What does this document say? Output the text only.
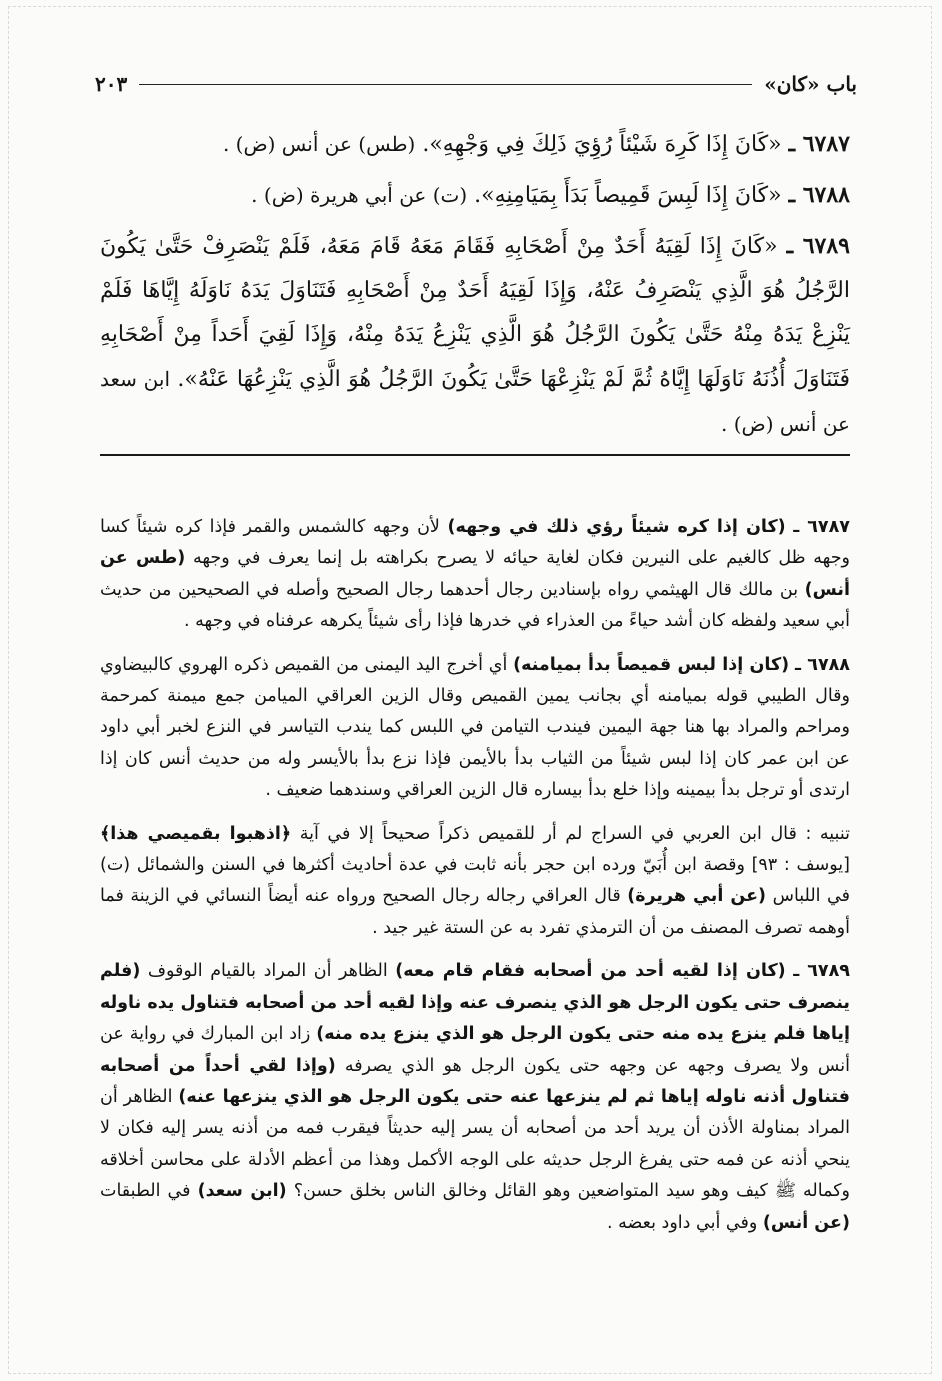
باب «كان»
٢٠٣

٦٧٨٧ ـ «كَانَ إِذَا كَرِهَ شَيْئاً رُؤِيَ ذَلِكَ فِي وَجْهِهِ». (طس) عن أنس (ض) .

٦٧٨٨ ـ «كَانَ إِذَا لَبِسَ قَمِيصاً بَدَأَ بِمَيَامِنِهِ». (ت) عن أبي هريرة (ض) .

٦٧٨٩ ـ «كَانَ إِذَا لَقِيَهُ أَحَدٌ مِنْ أَصْحَابِهِ فَقَامَ مَعَهُ قَامَ مَعَهُ، فَلَمْ يَنْصَرِفْ حَتَّىٰ يَكُونَ الرَّجُلُ هُوَ الَّذِي يَنْصَرِفُ عَنْهُ، وَإِذَا لَقِيَهُ أَحَدٌ مِنْ أَصْحَابِهِ فَتَنَاوَلَ يَدَهُ نَاوَلَهُ إِيَّاهَا فَلَمْ يَنْزِعْ يَدَهُ مِنْهُ حَتَّىٰ يَكُونَ الرَّجُلُ هُوَ الَّذِي يَنْزِعُ يَدَهُ مِنْهُ، وَإِذَا لَقِيَ أَحَداً مِنْ أَصْحَابِهِ فَتَنَاوَلَ أُذُنَهُ نَاوَلَهَا إِيَّاهُ ثُمَّ لَمْ يَنْزِعْهَا حَتَّىٰ يَكُونَ الرَّجُلُ هُوَ الَّذِي يَنْزِعُهَا عَنْهُ». ابن سعد عن أنس (ض) .

٦٧٨٧ ـ (كان إذا كره شيئاً رؤي ذلك في وجهه) لأن وجهه كالشمس والقمر فإذا كره شيئاً كسا وجهه ظل كالغيم على النيرين فكان لغاية حيائه لا يصرح بكراهته بل إنما يعرف في وجهه (طس عن أنس) بن مالك قال الهيثمي رواه بإسنادين رجال أحدهما رجال الصحيح وأصله في الصحيحين من حديث أبي سعيد ولفظه كان أشد حياءً من العذراء في خدرها فإذا رأى شيئاً يكرهه عرفناه في وجهه .

٦٧٨٨ ـ (كان إذا لبس قميصاً بدأ بميامنه) أي أخرج اليد اليمنى من القميص ذكره الهروي كالبيضاوي وقال الطيبي قوله بميامنه أي بجانب يمين القميص وقال الزين العراقي الميامن جمع ميمنة كمرحمة ومراحم والمراد بها هنا جهة اليمين فيندب التيامن في اللبس كما يندب التياسر في النزع لخبر أبي داود عن ابن عمر كان إذا لبس شيئاً من الثياب بدأ بالأيمن فإذا نزع بدأ بالأيسر وله من حديث أنس كان إذا ارتدى أو ترجل بدأ بيمينه وإذا خلع بدأ بيساره قال الزين العراقي وسندهما ضعيف .

تنبيه : قال ابن العربي في السراج لم أر للقميص ذكراً صحيحاً إلا في آية ﴿اذهبوا بقميصي هذا﴾ [يوسف : ٩٣] وقصة ابن أُبَيّ ورده ابن حجر بأنه ثابت في عدة أحاديث أكثرها في السنن والشمائل (ت) في اللباس (عن أبي هريرة) قال العراقي رجاله رجال الصحيح ورواه عنه أيضاً النسائي في الزينة فما أوهمه تصرف المصنف من أن الترمذي تفرد به عن الستة غير جيد .

٦٧٨٩ ـ (كان إذا لقيه أحد من أصحابه فقام قام معه) الظاهر أن المراد بالقيام الوقوف (فلم ينصرف حتى يكون الرجل هو الذي ينصرف عنه وإذا لقيه أحد من أصحابه فتناول يده ناوله إياها فلم ينزع يده منه حتى يكون الرجل هو الذي ينزع يده منه) زاد ابن المبارك في رواية عن أنس ولا يصرف وجهه عن وجهه حتى يكون الرجل هو الذي يصرفه (وإذا لقي أحداً من أصحابه فتناول أذنه ناوله إياها ثم لم ينزعها عنه حتى يكون الرجل هو الذي ينزعها عنه) الظاهر أن المراد بمناولة الأذن أن يريد أحد من أصحابه أن يسر إليه حديثاً فيقرب فمه من أذنه يسر إليه فكان لا ينحي أذنه عن فمه حتى يفرغ الرجل حديثه على الوجه الأكمل وهذا من أعظم الأدلة على محاسن أخلاقه وكماله ﷺ كيف وهو سيد المتواضعين وهو القائل وخالق الناس بخلق حسن؟ (ابن سعد) في الطبقات (عن أنس) وفي أبي داود بعضه .
